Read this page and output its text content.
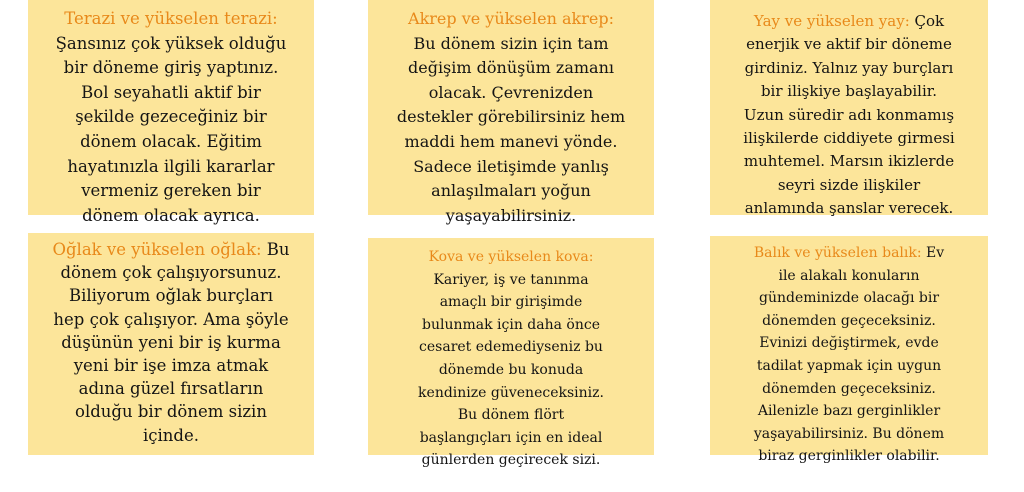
Terazi ve yükselen terazi:

Şansınız çok yüksek olduğu

bir döneme giriş yaptınız.

Bol seyahatli aktif bir

şekilde gezeceğiniz bir

dönem olacak. Eğitim

hayatınızla ilgili kararlar

vermeniz gereken bir

dönem olacak ayrıca.

Akrep ve yükselen akrep:

Bu dönem sizin için tam

değişim dönüşüm zamanı

olacak. Çevrenizden

destekler görebilirsiniz hem

maddi hem manevi yönde.

Sadece iletişimde yanlış

anlaşılmaları yoğun

yaşayabilirsiniz.

Yay ve yükselen yay: Çok

enerjik ve aktif bir döneme

girdiniz. Yalnız yay burçları

bir ilişkiye başlayabilir.

Uzun süredir adı konmamış

ilişkilerde ciddiyete girmesi

muhtemel. Marsın ikizlerde

seyri sizde ilişkiler

anlamında şanslar verecek.

Oğlak ve yükselen oğlak: Bu

dönem çok çalışıyorsunuz.

Biliyorum oğlak burçları

hep çok çalışıyor. Ama şöyle

düşünün yeni bir iş kurma

yeni bir işe imza atmak

adına güzel fırsatların

olduğu bir dönem sizin

içinde.

Kova ve yükselen kova:

Kariyer, iş ve tanınma

amaçlı bir girişimde

bulunmak için daha önce

cesaret edemediyseniz bu

dönemde bu konuda

kendinize güveneceksiniz.

Bu dönem flört

başlangıçları için en ideal

günlerden geçirecek sizi.

Balık ve yükselen balık: Ev

ile alakalı konuların

gündeminizde olacağı bir

dönemden geçeceksiniz.

Evinizi değiştirmek, evde

tadilat yapmak için uygun

dönemden geçeceksiniz.

Ailenizle bazı gerginlikler

yaşayabilirsiniz. Bu dönem

biraz gerginlikler olabilir.
